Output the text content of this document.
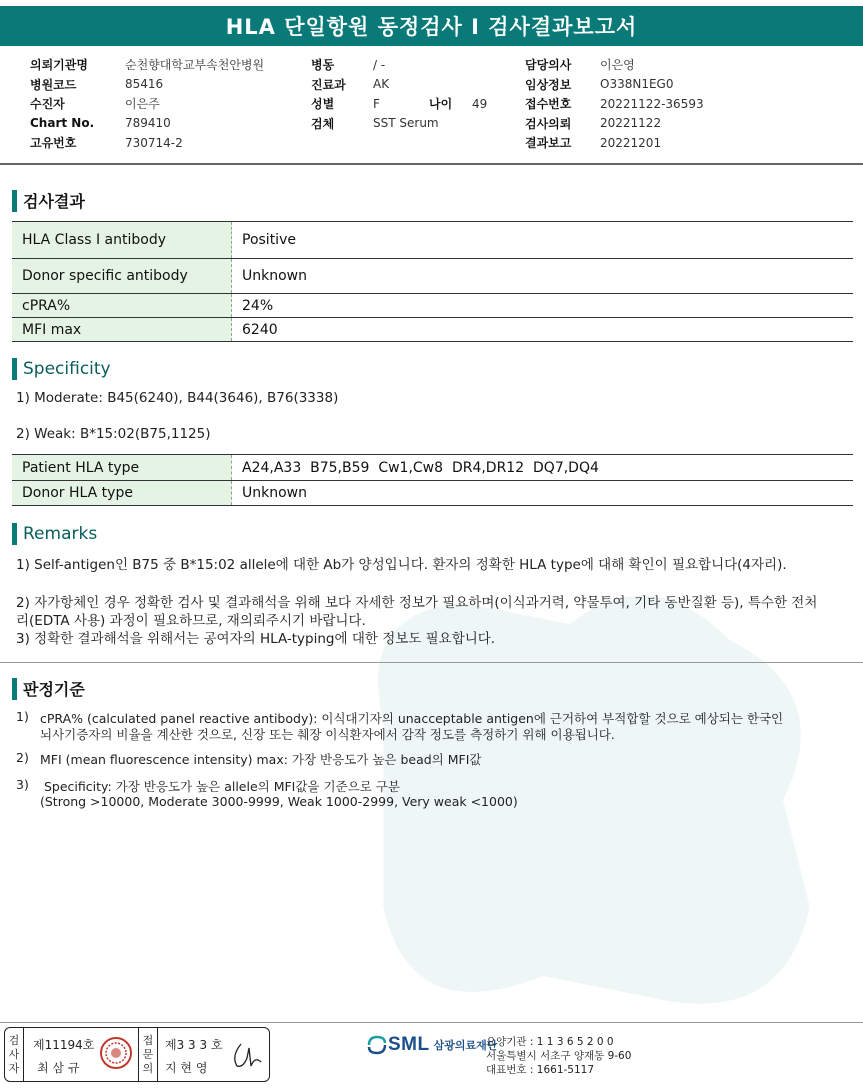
HLA 단일항원 동정검사 I 검사결과보고서
의뢰기관명	순천향대학교부속천안병원
병원코드	85416
수진자	이은주
Chart No.	789410
고유번호	730714-2
병동	/ -
진료과	AK
성별	F	나이	49
검체	SST Serum
담당의사	이은영
임상정보	O338N1EG0
접수번호	20221122-36593
검사의뢰	20221122
결과보고	20221201
검사결과
HLA Class I antibody	Positive
Donor specific antibody	Unknown
cPRA%	24%
MFI max	6240
Specificity
1) Moderate: B45(6240), B44(3646), B76(3338)
2) Weak: B*15:02(B75,1125)
Patient HLA type	A24,A33  B75,B59  Cw1,Cw8  DR4,DR12  DQ7,DQ4
Donor HLA type	Unknown
Remarks
1) Self-antigen인 B75 중 B*15:02 allele에 대한 Ab가 양성입니다. 환자의 정확한 HLA type에 대해 확인이 필요합니다(4자리).
2) 자가항체인 경우 정확한 검사 및 결과해석을 위해 보다 자세한 정보가 필요하며(이식과거력, 약물투여, 기타 동반질환 등), 특수한 전처
리(EDTA 사용) 과정이 필요하므로, 재의뢰주시기 바랍니다.
3) 정확한 결과해석을 위해서는 공여자의 HLA-typing에 대한 정보도 필요합니다.
판정기준
1) cPRA% (calculated panel reactive antibody): 이식대기자의 unacceptable antigen에 근거하여 부적합할 것으로 예상되는 한국인
뇌사기증자의 비율을 계산한 것으로, 신장 또는 췌장 이식환자에서 감작 정도를 측정하기 위해 이용됩니다.
2) MFI (mean fluorescence intensity) max: 가장 반응도가 높은 bead의 MFI값
3) Specificity: 가장 반응도가 높은 allele의 MFI값을 기준으로 구분
(Strong >10000, Moderate 3000-9999, Weak 1000-2999, Very weak <1000)
검
사
자
제11194호
최 삼 규
접
문
의
제3 3 3 호
지 현 영
SML 삼광의료재단
요양기관 : 1 1 3 6 5 2 0 0
서울특별시 서초구 양재동 9-60
대표번호 : 1661-5117
